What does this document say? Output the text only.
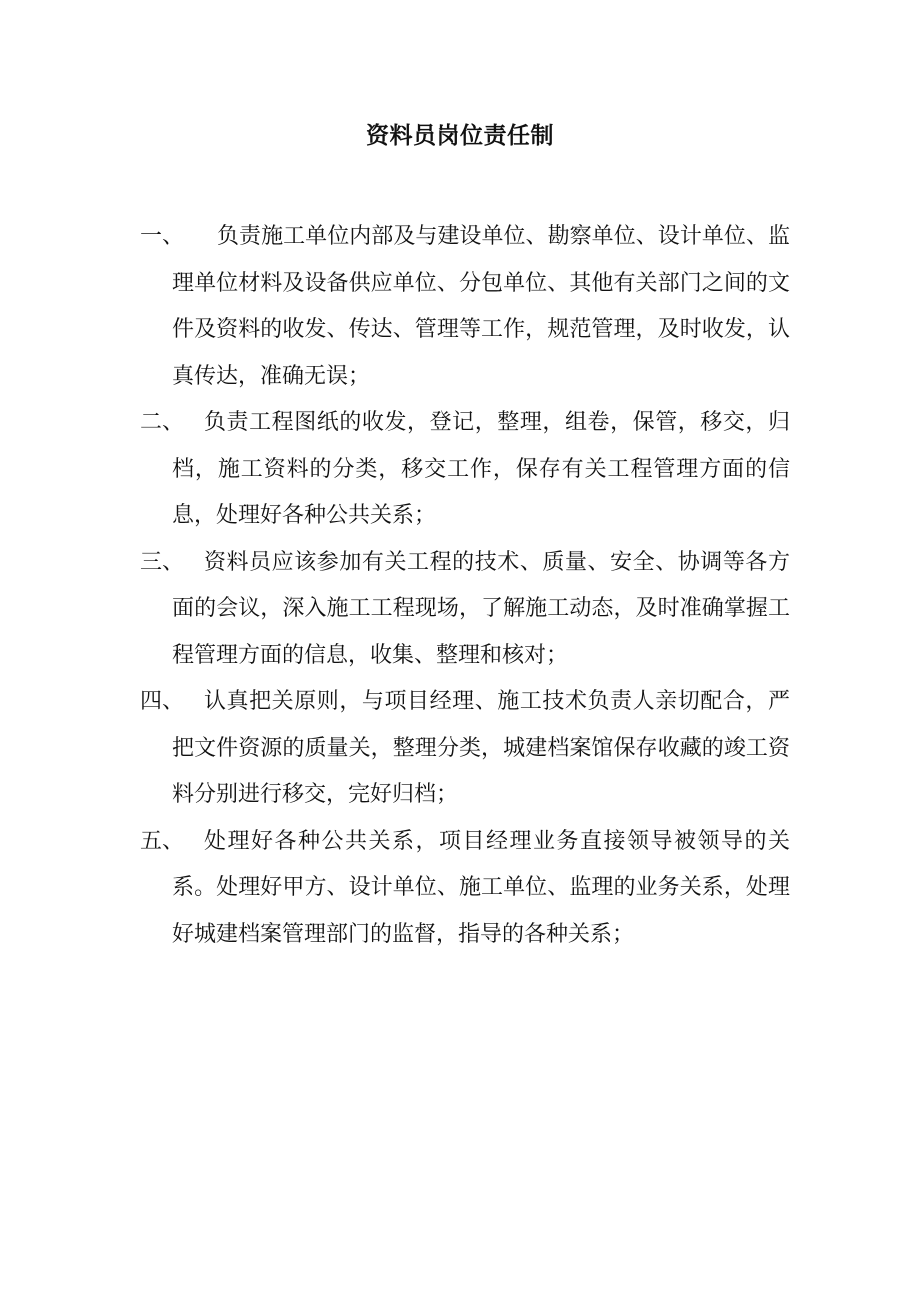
资料员岗位责任制
一、	负责施工单位内部及与建设单位、勘察单位、设计单位、监理单位材料及设备供应单位、分包单位、其他有关部门之间的文件及资料的收发、传达、管理等工作，规范管理，及时收发，认真传达，准确无误；
二、 负责工程图纸的收发，登记，整理，组卷，保管，移交，归档，施工资料的分类，移交工作，保存有关工程管理方面的信息，处理好各种公共关系；
三、 资料员应该参加有关工程的技术、质量、安全、协调等各方面的会议，深入施工工程现场，了解施工动态，及时准确掌握工程管理方面的信息，收集、整理和核对；
四、 认真把关原则，与项目经理、施工技术负责人亲切配合，严把文件资源的质量关，整理分类，城建档案馆保存收藏的竣工资料分别进行移交，完好归档；
五、 处理好各种公共关系，项目经理业务直接领导被领导的关系。处理好甲方、设计单位、施工单位、监理的业务关系，处理好城建档案管理部门的监督，指导的各种关系；
